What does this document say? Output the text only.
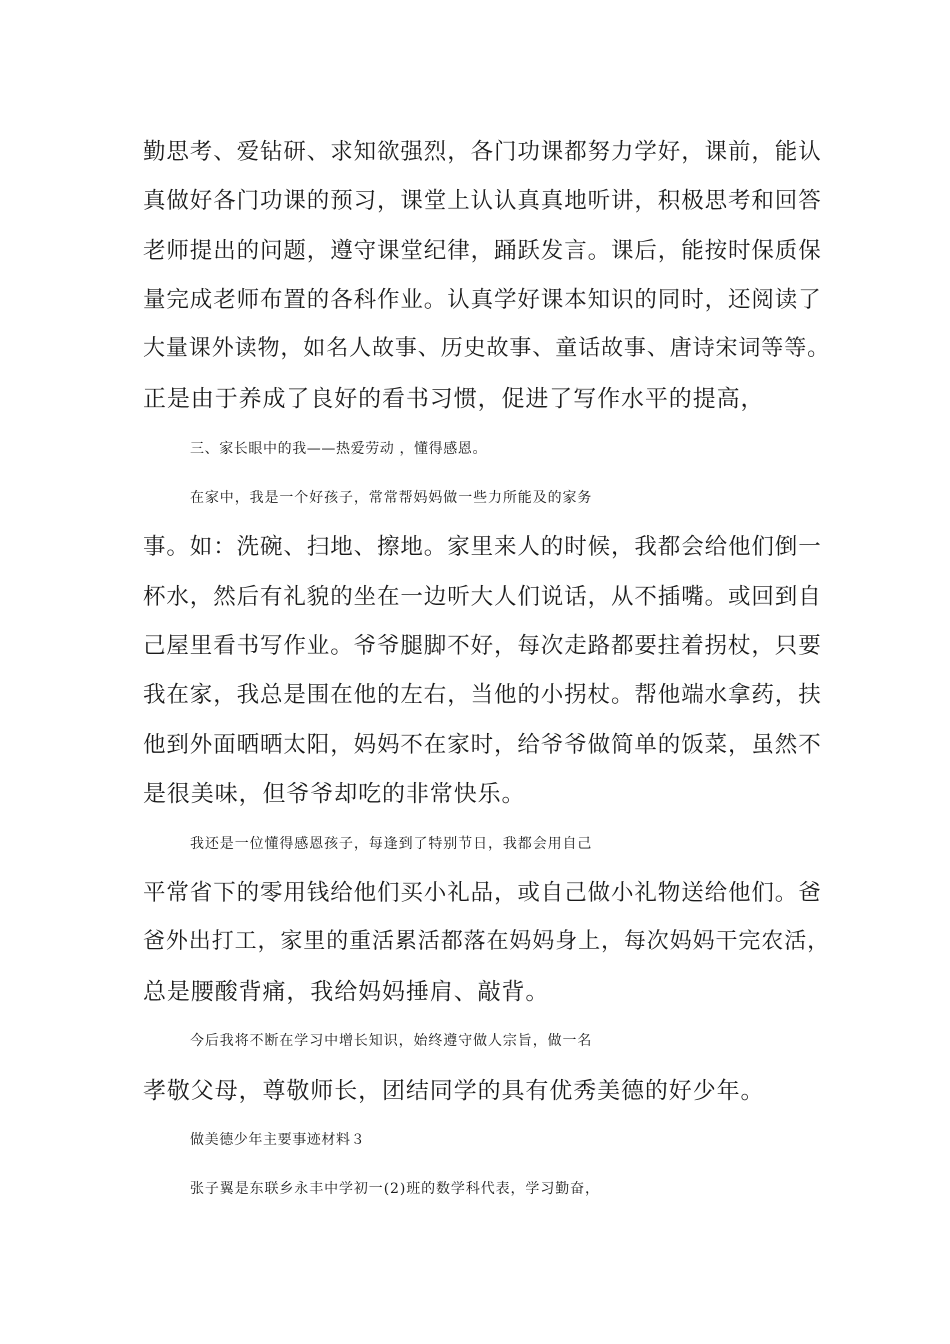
勤思考、爱钻研、求知欲强烈，各门功课都努力学好，课前，能认
真做好各门功课的预习，课堂上认认真真地听讲，积极思考和回答
老师提出的问题，遵守课堂纪律，踊跃发言。课后，能按时保质保
量完成老师布置的各科作业。认真学好课本知识的同时，还阅读了
大量课外读物，如名人故事、历史故事、童话故事、唐诗宋词等等。
正是由于养成了良好的看书习惯，促进了写作水平的提高，
三、家长眼中的我——热爱劳动 ，懂得感恩。
在家中，我是一个好孩子，常常帮妈妈做一些力所能及的家务
事。如：洗碗、扫地、擦地。家里来人的时候，我都会给他们倒一
杯水，然后有礼貌的坐在一边听大人们说话，从不插嘴。或回到自
己屋里看书写作业。爷爷腿脚不好，每次走路都要拄着拐杖，只要
我在家，我总是围在他的左右，当他的小拐杖。帮他端水拿药，扶
他到外面晒晒太阳，妈妈不在家时，给爷爷做简单的饭菜，虽然不
是很美味，但爷爷却吃的非常快乐。
我还是一位懂得感恩孩子，每逢到了特别节日，我都会用自己
平常省下的零用钱给他们买小礼品，或自己做小礼物送给他们。爸
爸外出打工，家里的重活累活都落在妈妈身上，每次妈妈干完农活，
总是腰酸背痛，我给妈妈捶肩、敲背。
今后我将不断在学习中增长知识，始终遵守做人宗旨，做一名
孝敬父母，尊敬师长，团结同学的具有优秀美德的好少年。
做美德少年主要事迹材料３
张子翼是东联乡永丰中学初一(2)班的数学科代表，学习勤奋，
